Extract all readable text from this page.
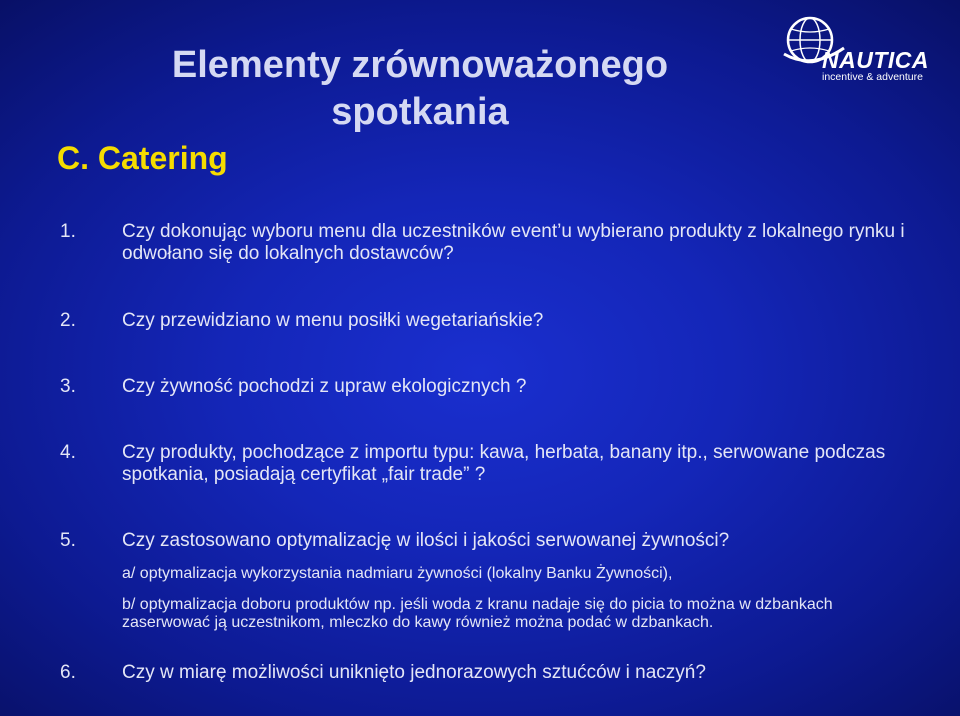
Elementy zrównoważonego
spotkania
C. Catering
NAUTICA
incentive & adventure
1.	Czy dokonując wyboru menu dla uczestników event’u wybierano produkty z lokalnego rynku i odwołano się do lokalnych dostawców?
2.	Czy przewidziano w menu posiłki wegetariańskie?
3.	Czy żywność pochodzi z upraw ekologicznych ?
4.	Czy produkty, pochodzące z importu typu: kawa, herbata, banany itp., serwowane podczas spotkania, posiadają certyfikat „fair trade” ?
5.	Czy zastosowano optymalizację w ilości i jakości serwowanej żywności?
a/ optymalizacja wykorzystania nadmiaru żywności (lokalny Banku Żywności),
b/ optymalizacja doboru produktów np. jeśli woda z kranu nadaje się do picia to można w dzbankach zaserwować ją uczestnikom, mleczko do kawy również można podać w dzbankach.
6.	Czy w miarę możliwości uniknięto jednorazowych sztućców i naczyń?
